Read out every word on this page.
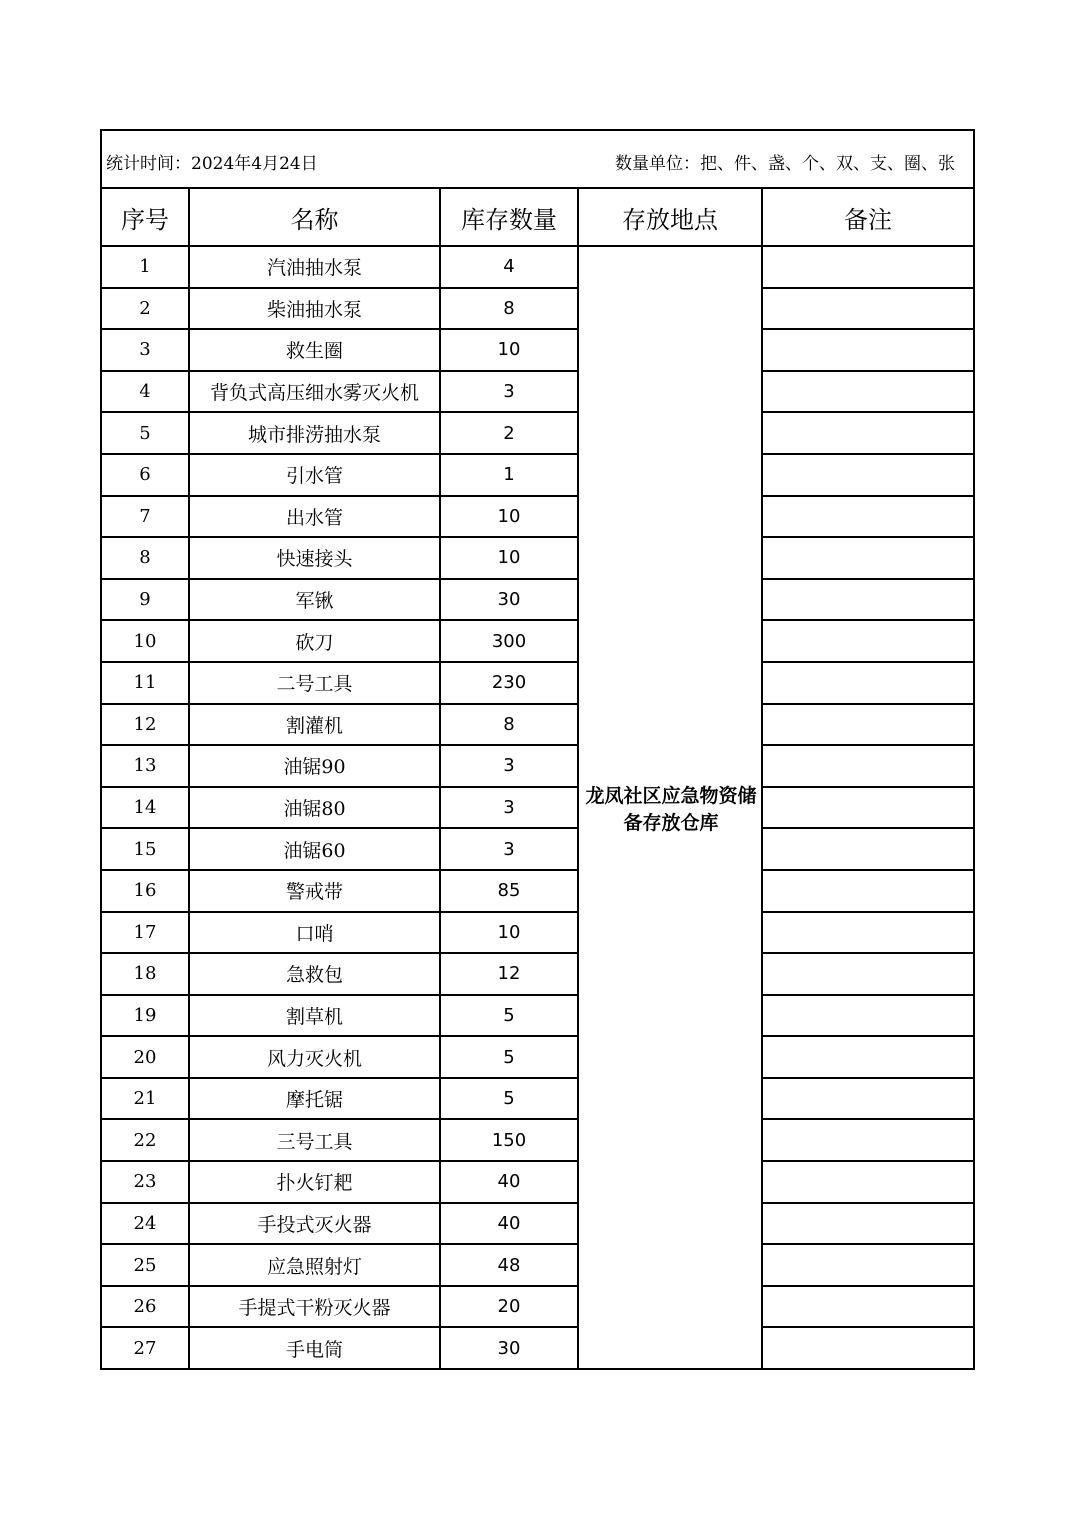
统计时间：2024年4月24日 数量单位：把、件、盏、个、双、支、圈、张				

序号	名称	库存数量	存放地点	备注
1	汽油抽水泵	4	龙凤社区应急物资储备存放仓库	
2	柴油抽水泵	8		
3	救生圈	10		
4	背负式高压细水雾灭火机	3		
5	城市排涝抽水泵	2		
6	引水管	1		
7	出水管	10		
8	快速接头	10		
9	军锹	30		
10	砍刀	300		
11	二号工具	230		
12	割灌机	8		
13	油锯90	3		
14	油锯80	3		
15	油锯60	3		
16	警戒带	85		
17	口哨	10		
18	急救包	12		
19	割草机	5		
20	风力灭火机	5		
21	摩托锯	5		
22	三号工具	150		
23	扑火钉耙	40		
24	手投式灭火器	40		
25	应急照射灯	48		
26	手提式干粉灭火器	20		
27	手电筒	30		
